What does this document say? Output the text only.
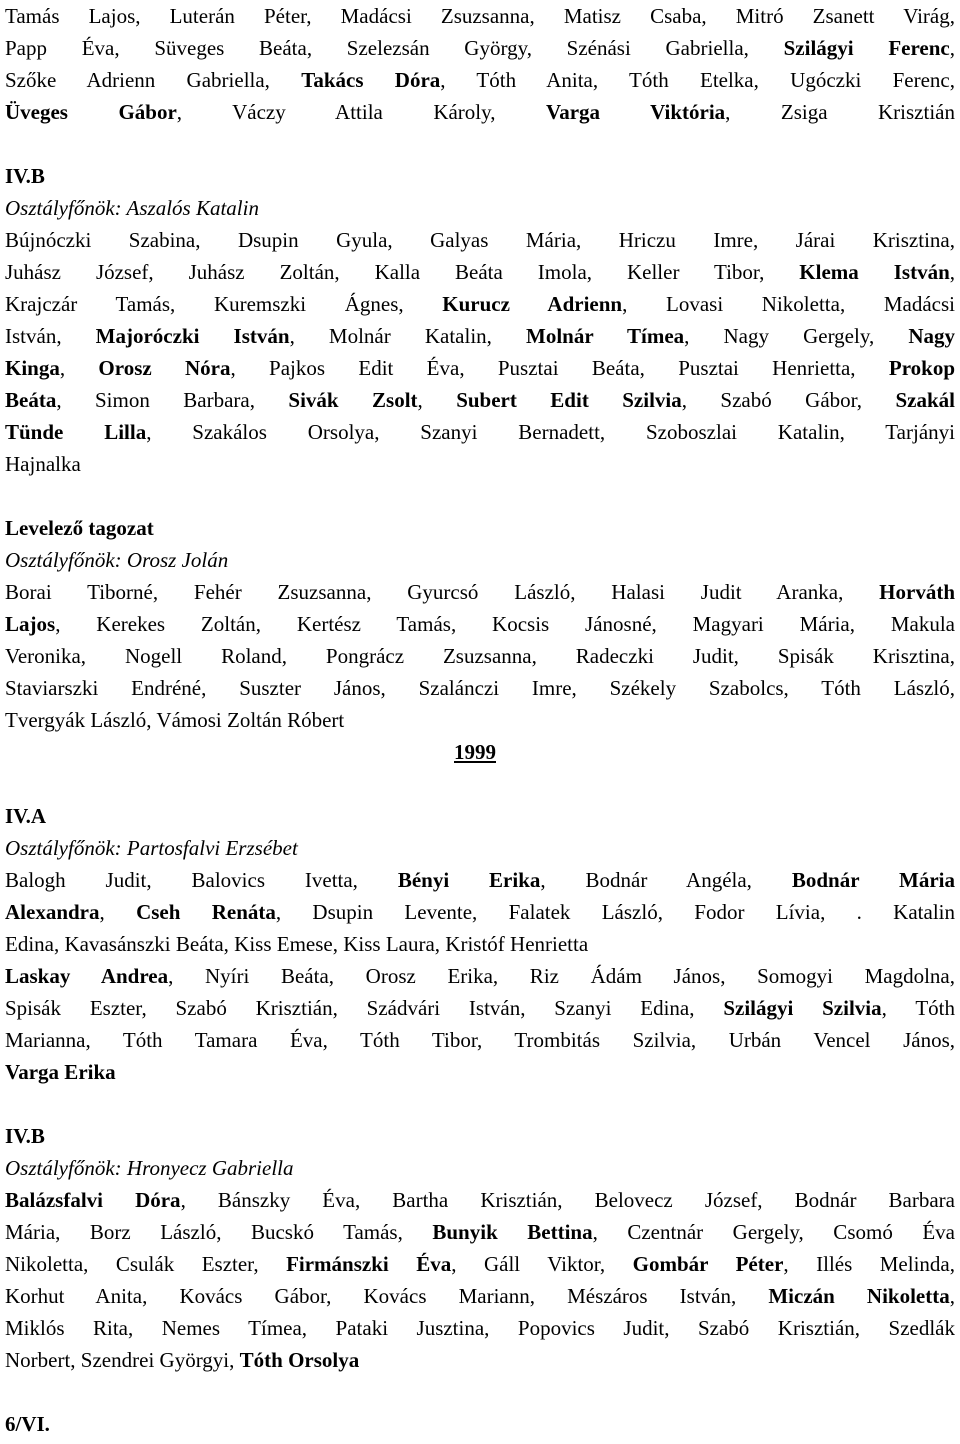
Tamás Lajos, Luterán Péter, Madácsi Zsuzsanna, Matisz Csaba, Mitró Zsanett Virág,
Papp Éva, Süveges Beáta, Szelezsán György, Szénási Gabriella, Szilágyi Ferenc,
Szőke Adrienn Gabriella, Takács Dóra, Tóth Anita, Tóth Etelka, Ugóczki Ferenc,
Üveges Gábor, Váczy Attila Károly, Varga Viktória, Zsiga Krisztián
IV.B
Osztályfőnök: Aszalós Katalin
Bújnóczki Szabina, Dsupin Gyula, Galyas Mária, Hriczu Imre, Járai Krisztina,
Juhász József, Juhász Zoltán, Kalla Beáta Imola, Keller Tibor, Klema István,
Krajczár Tamás, Kuremszki Ágnes, Kurucz Adrienn, Lovasi Nikoletta, Madácsi
István, Majoróczki István, Molnár Katalin, Molnár Tímea, Nagy Gergely, Nagy
Kinga, Orosz Nóra, Pajkos Edit Éva, Pusztai Beáta, Pusztai Henrietta, Prokop
Beáta, Simon Barbara, Sivák Zsolt, Subert Edit Szilvia, Szabó Gábor, Szakál
Tünde Lilla, Szakálos Orsolya, Szanyi Bernadett, Szoboszlai Katalin, Tarjányi
Hajnalka
Levelező tagozat
Osztályfőnök: Orosz Jolán
Borai Tiborné, Fehér Zsuzsanna, Gyurcsó László, Halasi Judit Aranka, Horváth
Lajos, Kerekes Zoltán, Kertész Tamás, Kocsis Jánosné, Magyari Mária, Makula
Veronika, Nogell Roland, Pongrácz Zsuzsanna, Radeczki Judit, Spisák Krisztina,
Staviarszki Endréné, Suszter János, Szalánczi Imre, Székely Szabolcs, Tóth László,
Tvergyák László, Vámosi Zoltán Róbert
1999
IV.A
Osztályfőnök: Partosfalvi Erzsébet
Balogh Judit, Balovics Ivetta, Bényi Erika, Bodnár Angéla, Bodnár Mária
Alexandra, Cseh Renáta, Dsupin Levente, Falatek László, Fodor Lívia, . Katalin
Edina, Kavasánszki Beáta, Kiss Emese, Kiss Laura, Kristóf Henrietta
Laskay Andrea, Nyíri Beáta, Orosz Erika, Riz Ádám János, Somogyi Magdolna,
Spisák Eszter, Szabó Krisztián, Szádvári István, Szanyi Edina, Szilágyi Szilvia, Tóth
Marianna, Tóth Tamara Éva, Tóth Tibor, Trombitás Szilvia, Urbán Vencel János,
Varga Erika
IV.B
Osztályfőnök: Hronyecz Gabriella
Balázsfalvi Dóra, Bánszky Éva, Bartha Krisztián, Belovecz József, Bodnár Barbara
Mária, Borz László, Bucskó Tamás, Bunyik Bettina, Czentnár Gergely, Csomó Éva
Nikoletta, Csulák Eszter, Firmánszki Éva, Gáll Viktor, Gombár Péter, Illés Melinda,
Korhut Anita, Kovács Gábor, Kovács Mariann, Mészáros István, Miczán Nikoletta,
Miklós Rita, Nemes Tímea, Pataki Jusztina, Popovics Judit, Szabó Krisztián, Szedlák
Norbert, Szendrei Györgyi, Tóth Orsolya
6/VI.
